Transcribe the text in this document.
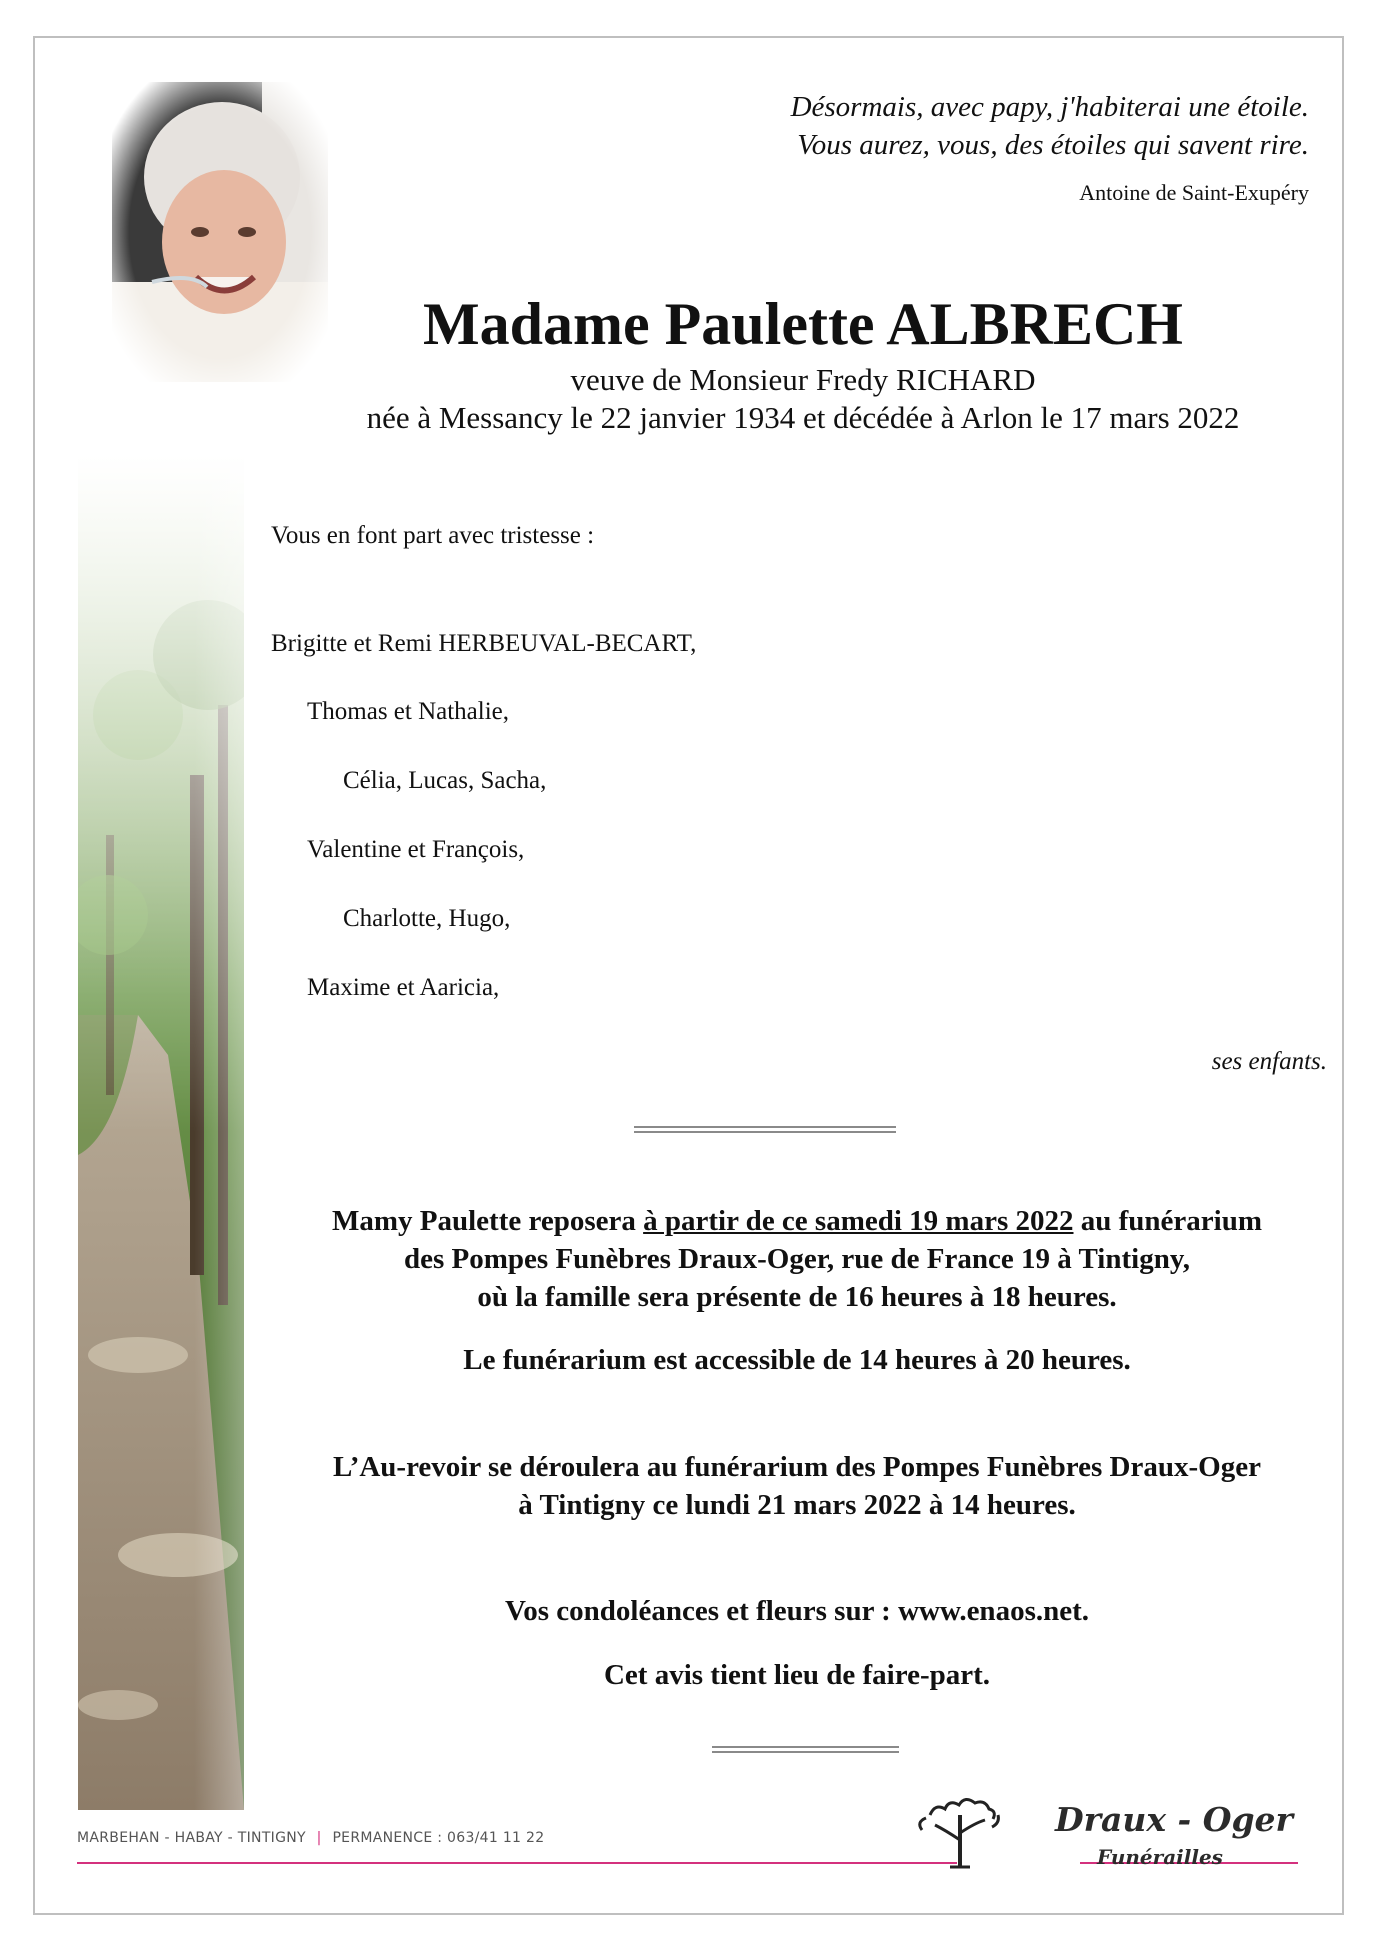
Désormais, avec papy, j'habiterai une étoile.
Vous aurez, vous, des étoiles qui savent rire.
Antoine de Saint-Exupéry
Madame Paulette ALBRECH
veuve de Monsieur Fredy RICHARD
née à Messancy le 22 janvier 1934 et décédée à Arlon le 17 mars 2022
Vous en font part avec tristesse :
Brigitte et Remi HERBEUVAL-BECART,
Thomas et Nathalie,
Célia, Lucas, Sacha,
Valentine et François,
Charlotte, Hugo,
Maxime et Aaricia,
ses enfants.
Mamy Paulette reposera à partir de ce samedi 19 mars 2022 au funérarium
des Pompes Funèbres Draux-Oger, rue de France 19 à Tintigny,
où la famille sera présente de 16 heures à 18 heures.
Le funérarium est accessible de 14 heures à 20 heures.
L’Au-revoir se déroulera au funérarium des Pompes Funèbres Draux-Oger
à Tintigny ce lundi 21 mars 2022 à 14 heures.
Vos condoléances et fleurs sur : www.enaos.net.
Cet avis tient lieu de faire-part.
MARBEHAN - HABAY - TINTIGNY | PERMANENCE : 063/41 11 22	Draux - Oger
Funérailles
